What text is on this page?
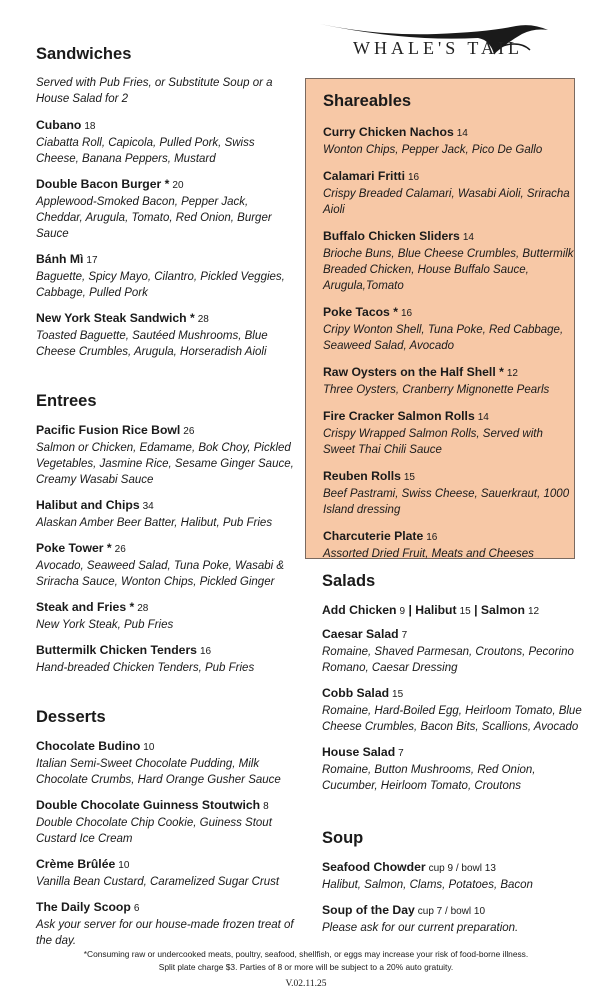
WHALE'S TAIL
Sandwiches
Served with Pub Fries, or Substitute Soup or a House Salad for 2
Cubano 18
Ciabatta Roll, Capicola, Pulled Pork, Swiss Cheese, Banana Peppers, Mustard
Double Bacon Burger * 20
Applewood-Smoked Bacon, Pepper Jack, Cheddar, Arugula, Tomato, Red Onion, Burger Sauce
Bánh Mì 17
Baguette, Spicy Mayo, Cilantro, Pickled Veggies, Cabbage, Pulled Pork
New York Steak Sandwich * 28
Toasted Baguette, Sautéed Mushrooms, Blue Cheese Crumbles, Arugula, Horseradish Aioli
Entrees
Pacific Fusion Rice Bowl 26
Salmon or Chicken, Edamame, Bok Choy, Pickled Vegetables, Jasmine Rice, Sesame Ginger Sauce, Creamy Wasabi Sauce
Halibut and Chips 34
Alaskan Amber Beer Batter, Halibut, Pub Fries
Poke Tower * 26
Avocado, Seaweed Salad, Tuna Poke, Wasabi & Sriracha Sauce, Wonton Chips, Pickled Ginger
Steak and Fries * 28
New York Steak, Pub Fries
Buttermilk Chicken Tenders 16
Hand-breaded Chicken Tenders, Pub Fries
Desserts
Chocolate Budino 10
Italian Semi-Sweet Chocolate Pudding, Milk Chocolate Crumbs, Hard Orange Gusher Sauce
Double Chocolate Guinness Stoutwich 8
Double Chocolate Chip Cookie, Guiness Stout Custard Ice Cream
Crème Brûlée 10
Vanilla Bean Custard, Caramelized Sugar Crust
The Daily Scoop 6
Ask your server for our house-made frozen treat of the day.
Shareables
Curry Chicken Nachos 14
Wonton Chips, Pepper Jack, Pico De Gallo
Calamari Fritti 16
Crispy Breaded Calamari, Wasabi Aioli, Sriracha Aioli
Buffalo Chicken Sliders 14
Brioche Buns, Blue Cheese Crumbles, Buttermilk Breaded Chicken, House Buffalo Sauce, Arugula,Tomato
Poke Tacos * 16
Cripy Wonton Shell, Tuna Poke, Red Cabbage, Seaweed Salad, Avocado
Raw Oysters on the Half Shell * 12
Three Oysters, Cranberry Mignonette Pearls
Fire Cracker Salmon Rolls 14
Crispy Wrapped Salmon Rolls, Served with Sweet Thai Chili Sauce
Reuben Rolls 15
Beef Pastrami, Swiss Cheese, Sauerkraut, 1000 Island dressing
Charcuterie Plate 16
Assorted Dried Fruit, Meats and Cheeses
Salads
Add Chicken 9 | Halibut 15 | Salmon 12
Caesar Salad 7
Romaine, Shaved Parmesan, Croutons, Pecorino Romano, Caesar Dressing
Cobb Salad 15
Romaine, Hard-Boiled Egg, Heirloom Tomato, Blue Cheese Crumbles, Bacon Bits, Scallions, Avocado
House Salad 7
Romaine, Button Mushrooms, Red Onion, Cucumber, Heirloom Tomato, Croutons
Soup
Seafood Chowder cup 9 / bowl 13
Halibut, Salmon, Clams, Potatoes, Bacon
Soup of the Day cup 7 / bowl 10
Please ask for our current preparation.
*Consuming raw or undercooked meats, poultry, seafood, shellfish, or eggs may increase your risk of food-borne illness.
Split plate charge $3. Parties of 8 or more will be subject to a 20% auto gratuity.
V.02.11.25
